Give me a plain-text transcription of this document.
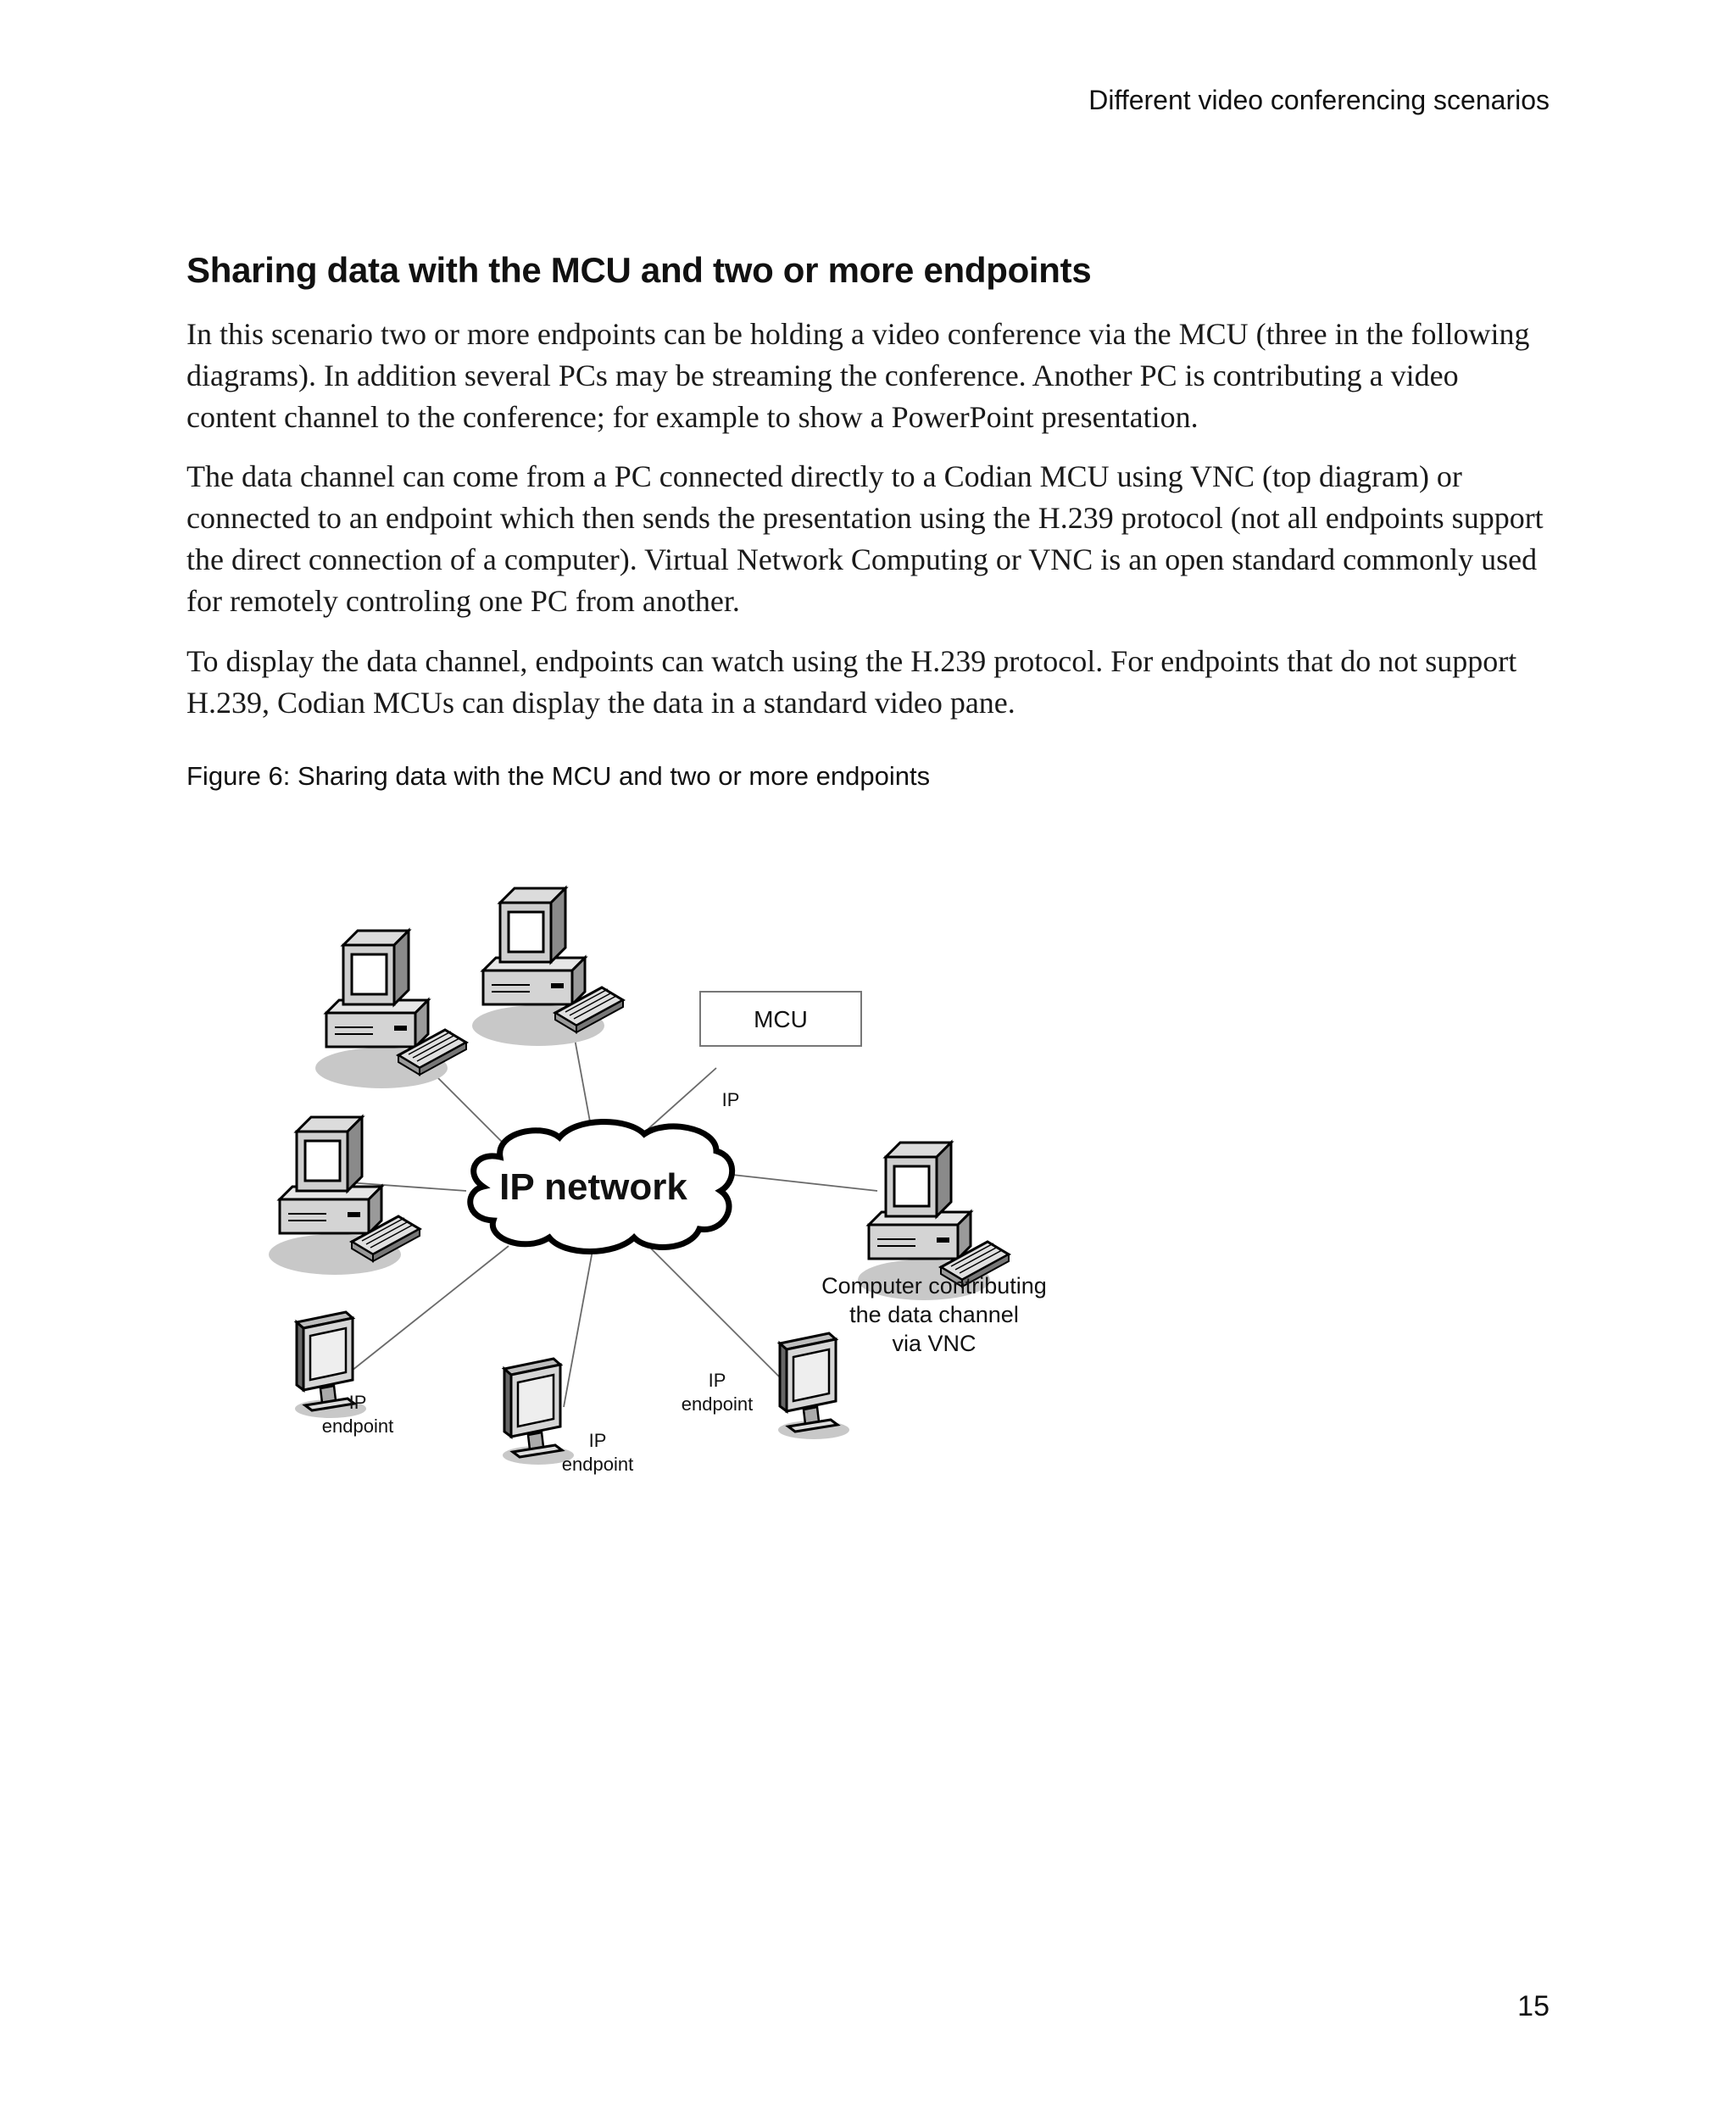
Different video conferencing scenarios
Sharing data with the MCU and two or more endpoints

In this scenario two or more endpoints can be holding a video conference via the MCU (three in the following diagrams). In addition several PCs may be streaming the conference. Another PC is contributing a video content channel to the conference; for example to show a PowerPoint presentation.

The data channel can come from a PC connected directly to a Codian MCU using VNC (top diagram) or connected to an endpoint which then sends the presentation using the H.239 protocol (not all endpoints support the direct connection of a computer). Virtual Network Computing or VNC is an open standard commonly used for remotely controling one PC from another.

To display the data channel, endpoints can watch using the H.239 protocol. For endpoints that do not support H.239, Codian MCUs can display the data in a standard video pane.

Figure 6: Sharing data with the MCU and two or more endpoints
IP network
MCU
IP
Computer contributing
the data channel
via VNC
IP
endpoint
IP
endpoint
IP
endpoint
15
